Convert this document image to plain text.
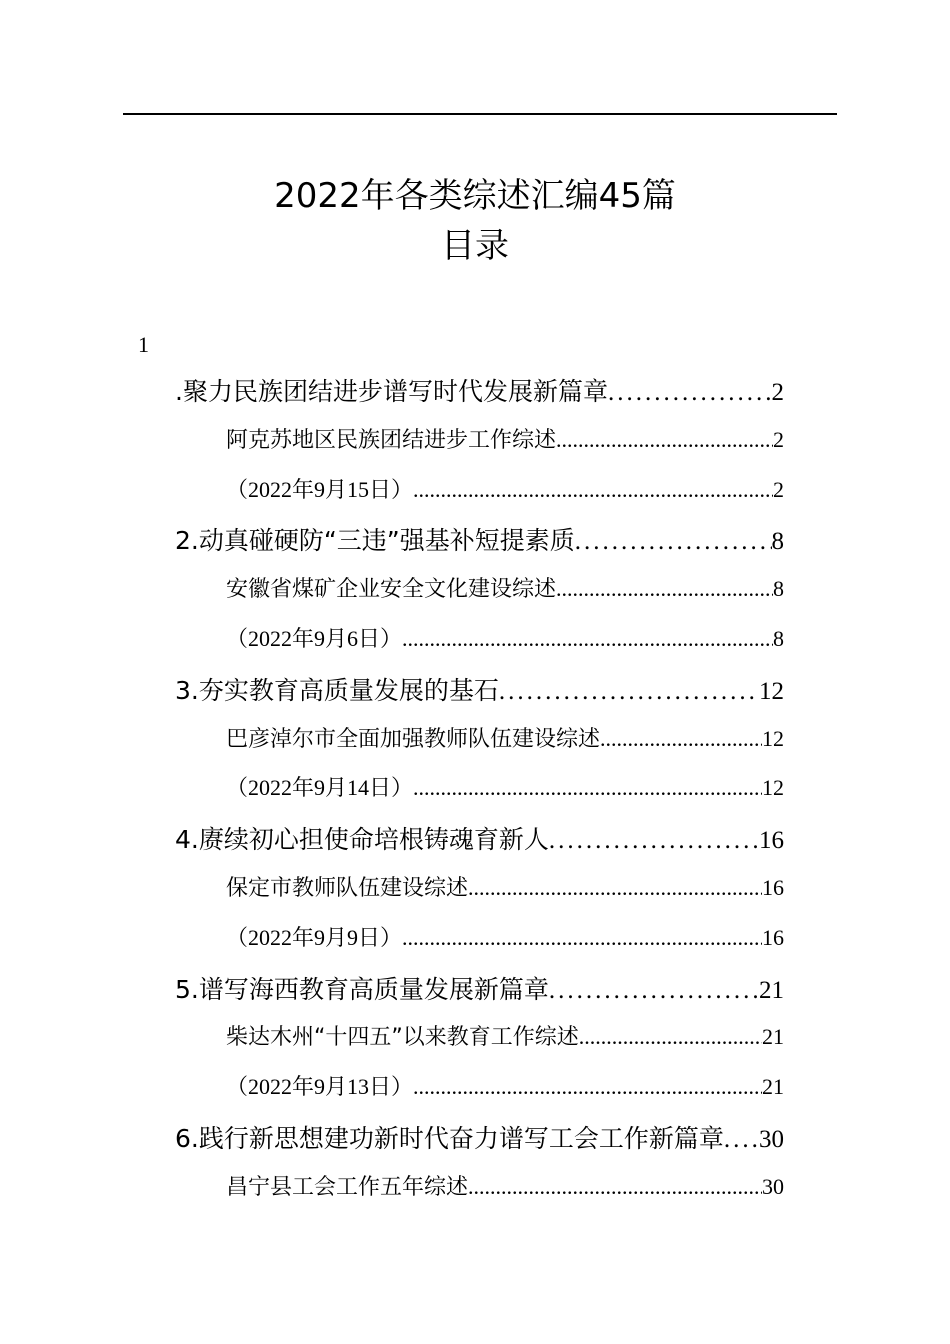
2022年各类综述汇编45篇
目录
1
.聚力民族团结进步谱写时代发展新篇章 .....	2
阿克苏地区民族团结进步工作综述 .....	2
（2022年9月15日） .....	2
2.动真碰硬防“三违”强基补短提素质 .....	8
安徽省煤矿企业安全文化建设综述 .....	8
（2022年9月6日） .....	8
3.夯实教育高质量发展的基石 .....	12
巴彦淖尔市全面加强教师队伍建设综述 .....	12
（2022年9月14日） .....	12
4.赓续初心担使命培根铸魂育新人 .....	16
保定市教师队伍建设综述 .....	16
（2022年9月9日） .....	16
5.谱写海西教育高质量发展新篇章 .....	21
柴达木州“十四五”以来教育工作综述 .....	21
（2022年9月13日） .....	21
6.践行新思想建功新时代奋力谱写工会工作新篇章 ..... 30
昌宁县工会工作五年综述 .....	30
